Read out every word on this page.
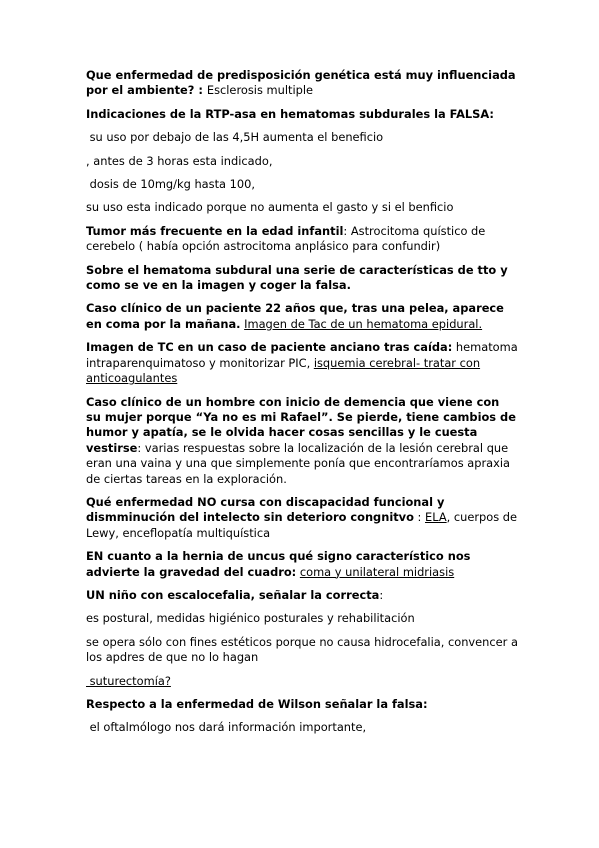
Que enfermedad de predisposición genética está muy influenciada por el ambiente? : Esclerosis multiple

Indicaciones de la RTP-asa en hematomas subdurales la FALSA:

su uso por debajo de las 4,5H aumenta el beneficio

, antes de 3 horas esta indicado,

dosis de 10mg/kg hasta 100,

su uso esta indicado porque no aumenta el gasto y si el benficio

Tumor más frecuente en la edad infantil: Astrocitoma quístico de cerebelo ( había opción astrocitoma anplásico para confundir)

Sobre el hematoma subdural una serie de características de tto y como se ve en la imagen y coger la falsa.

Caso clínico de un paciente 22 años que, tras una pelea, aparece en coma por la mañana. Imagen de Tac de un hematoma epidural.

Imagen de TC en un caso de paciente anciano tras caída: hematoma intraparenquimatoso y monitorizar PIC, isquemia cerebral- tratar con anticoagulantes

Caso clínico de un hombre con inicio de demencia que viene con su mujer porque “Ya no es mi Rafael”. Se pierde, tiene cambios de humor y apatía, se le olvida hacer cosas sencillas y le cuesta vestirse: varias respuestas sobre la localización de la lesión cerebral que eran una vaina y una que simplemente ponía que encontraríamos apraxia de ciertas tareas en la exploración.

Qué enfermedad NO cursa con discapacidad funcional y dismminución del intelecto sin deterioro congnitvo : ELA, cuerpos de Lewy, enceflopatía multiquística

EN cuanto a la hernia de uncus qué signo característico nos advierte la gravedad del cuadro: coma y unilateral midriasis

UN niño con escalocefalia, señalar la correcta:

es postural, medidas higiénico posturales y rehabilitación

se opera sólo con fines estéticos porque no causa hidrocefalia, convencer a los apdres de que no lo hagan

suturectomía?

Respecto a la enfermedad de Wilson señalar la falsa:

el oftalmólogo nos dará información importante,
